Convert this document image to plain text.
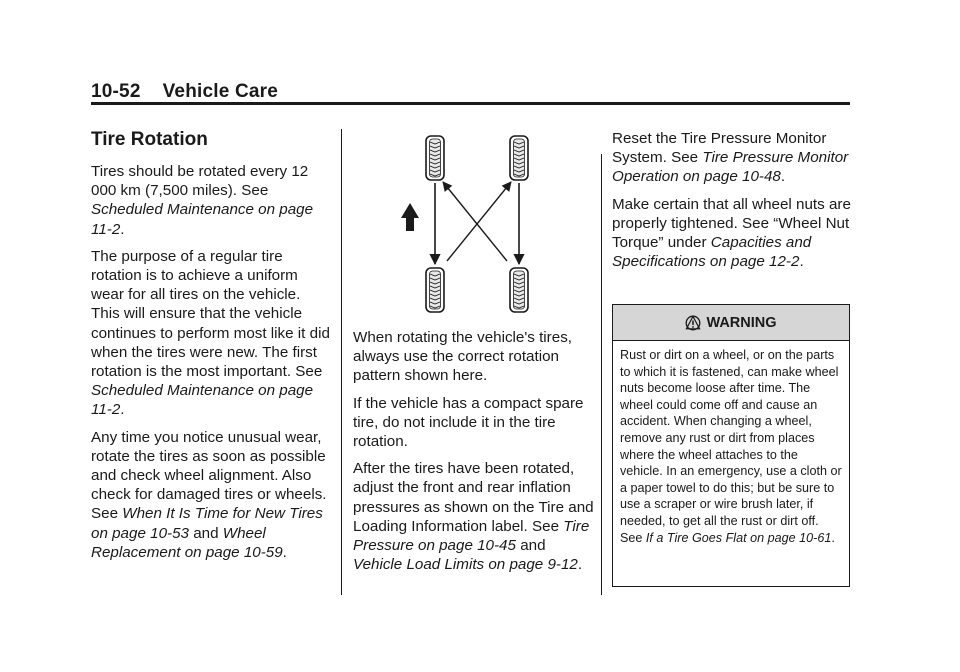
10-52 Vehicle Care
Tire Rotation

Tires should be rotated every 12 000 km (7,500 miles). See Scheduled Maintenance on page 11-2.

The purpose of a regular tire rotation is to achieve a uniform wear for all tires on the vehicle. This will ensure that the vehicle continues to perform most like it did when the tires were new. The first rotation is the most important. See Scheduled Maintenance on page 11-2.

Any time you notice unusual wear, rotate the tires as soon as possible and check wheel alignment. Also check for damaged tires or wheels. See When It Is Time for New Tires on page 10-53 and Wheel Replacement on page 10-59.

When rotating the vehicle's tires, always use the correct rotation pattern shown here.

If the vehicle has a compact spare tire, do not include it in the tire rotation.

After the tires have been rotated, adjust the front and rear inflation pressures as shown on the Tire and Loading Information label. See Tire Pressure on page 10-45 and Vehicle Load Limits on page 9-12.

Reset the Tire Pressure Monitor System. See Tire Pressure Monitor Operation on page 10-48.

Make certain that all wheel nuts are properly tightened. See “Wheel Nut Torque” under Capacities and Specifications on page 12-2.

WARNING
Rust or dirt on a wheel, or on the parts to which it is fastened, can make wheel nuts become loose after time. The wheel could come off and cause an accident. When changing a wheel, remove any rust or dirt from places where the wheel attaches to the vehicle. In an emergency, use a cloth or a paper towel to do this; but be sure to use a scraper or wire brush later, if needed, to get all the rust or dirt off. See If a Tire Goes Flat on page 10-61.
